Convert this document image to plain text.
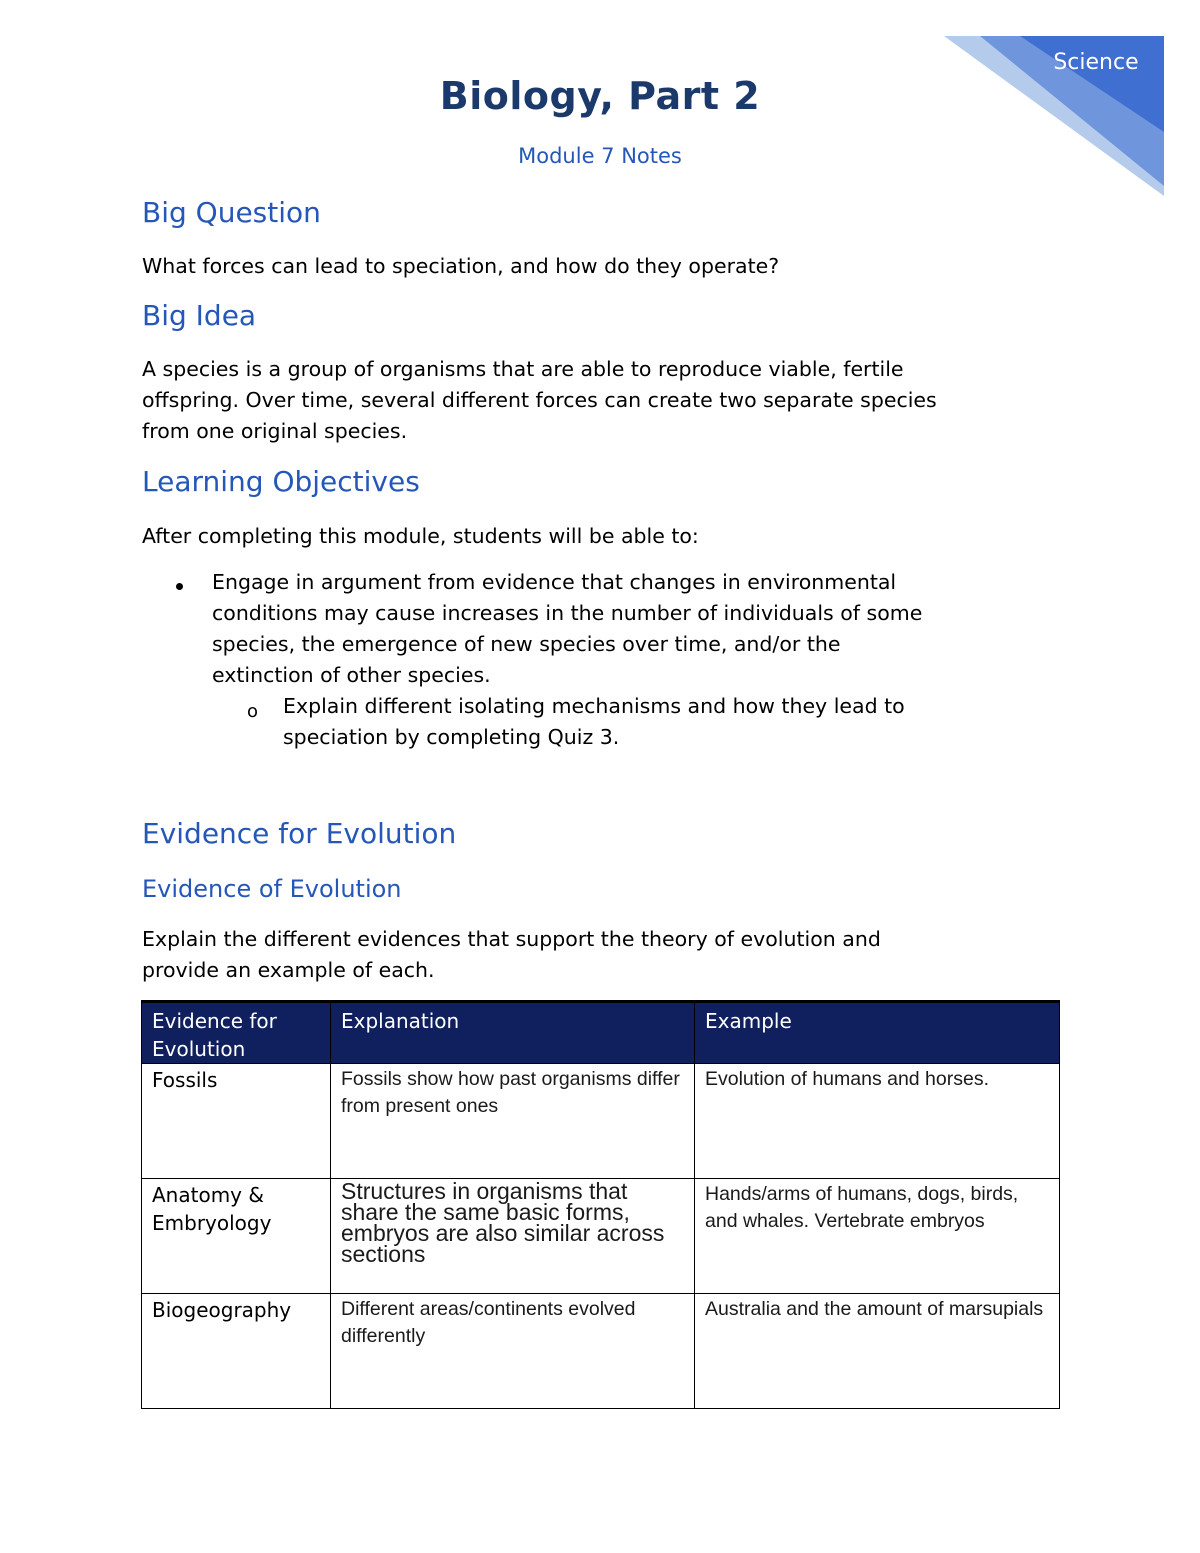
Science
Biology, Part 2
Module 7 Notes
Big Question
What forces can lead to speciation, and how do they operate?
Big Idea
A species is a group of organisms that are able to reproduce viable, fertile
offspring. Over time, several different forces can create two separate species
from one original species.
Learning Objectives
After completing this module, students will be able to:
Engage in argument from evidence that changes in environmental
conditions may cause increases in the number of individuals of some
species, the emergence of new species over time, and/or the
extinction of other species.
o Explain different isolating mechanisms and how they lead to
speciation by completing Quiz 3.
Evidence for Evolution
Evidence of Evolution
Explain the different evidences that support the theory of evolution and
provide an example of each.
Evidence for Evolution	Explanation	Example
Fossils	Fossils show how past organisms differ from present ones	Evolution of humans and horses.
Anatomy & Embryology	Structures in organisms that share the same basic forms, embryos are also similar across sections	Hands/arms of humans, dogs, birds, and whales. Vertebrate embryos
Biogeography	Different areas/continents evolved differently	Australia and the amount of marsupials
